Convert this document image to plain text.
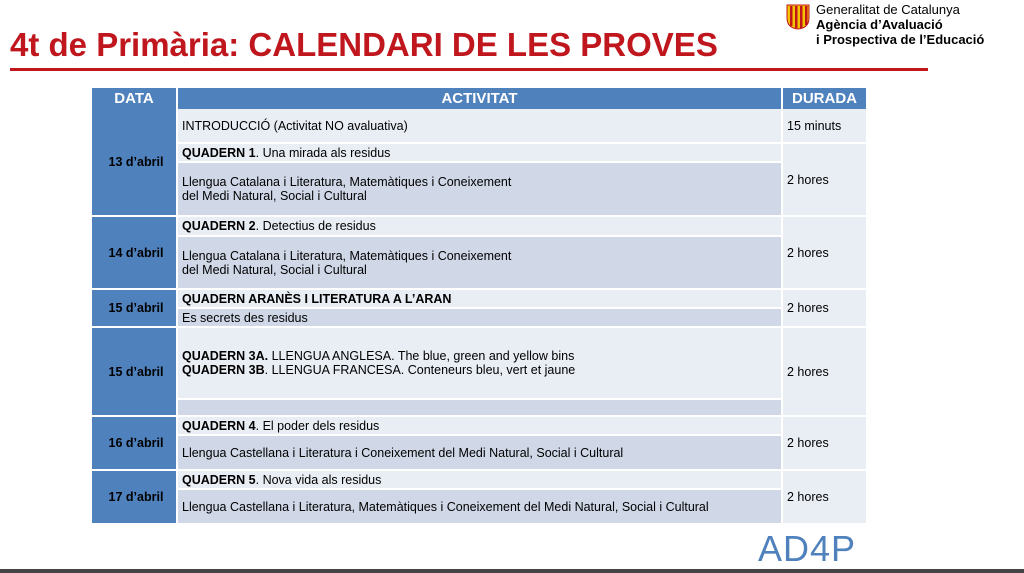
4t de Primària: CALENDARI DE LES PROVES
Generalitat de Catalunya
Agència d’Avaluació
i Prospectiva de l’Educació
DATA	ACTIVITAT	DURADA
13 d’abril	INTRODUCCIÓ (Activitat NO avaluativa)	15 minuts
	QUADERN 1. Una mirada als residus	2 hores

	Llengua Catalana i Literatura, Matemàtiques i Coneixement
del Medi Natural, Social i Cultural	

14 d’abril	QUADERN 2. Detectius de residus	2 hores

	Llengua Catalana i Literatura, Matemàtiques i Coneixement
del Medi Natural, Social i Cultural	

15 d’abril	QUADERN ARANÈS I LITERATURA A L’ARAN	2 hores
	Es secrets des residus	
15 d’abril	QUADERN 3A. LLENGUA ANGLESA. The blue, green and yellow bins
QUADERN 3B. LLENGUA FRANCESA. Conteneurs bleu, vert et jaune	2 hores

16 d’abril	QUADERN 4. El poder dels residus	2 hores
	Llengua Castellana i Literatura i Coneixement del Medi Natural, Social i Cultural	
17 d’abril	QUADERN 5. Nova vida als residus	2 hores
	Llengua Castellana i Literatura, Matemàtiques i Coneixement del Medi Natural, Social i Cultural	
AD4P
